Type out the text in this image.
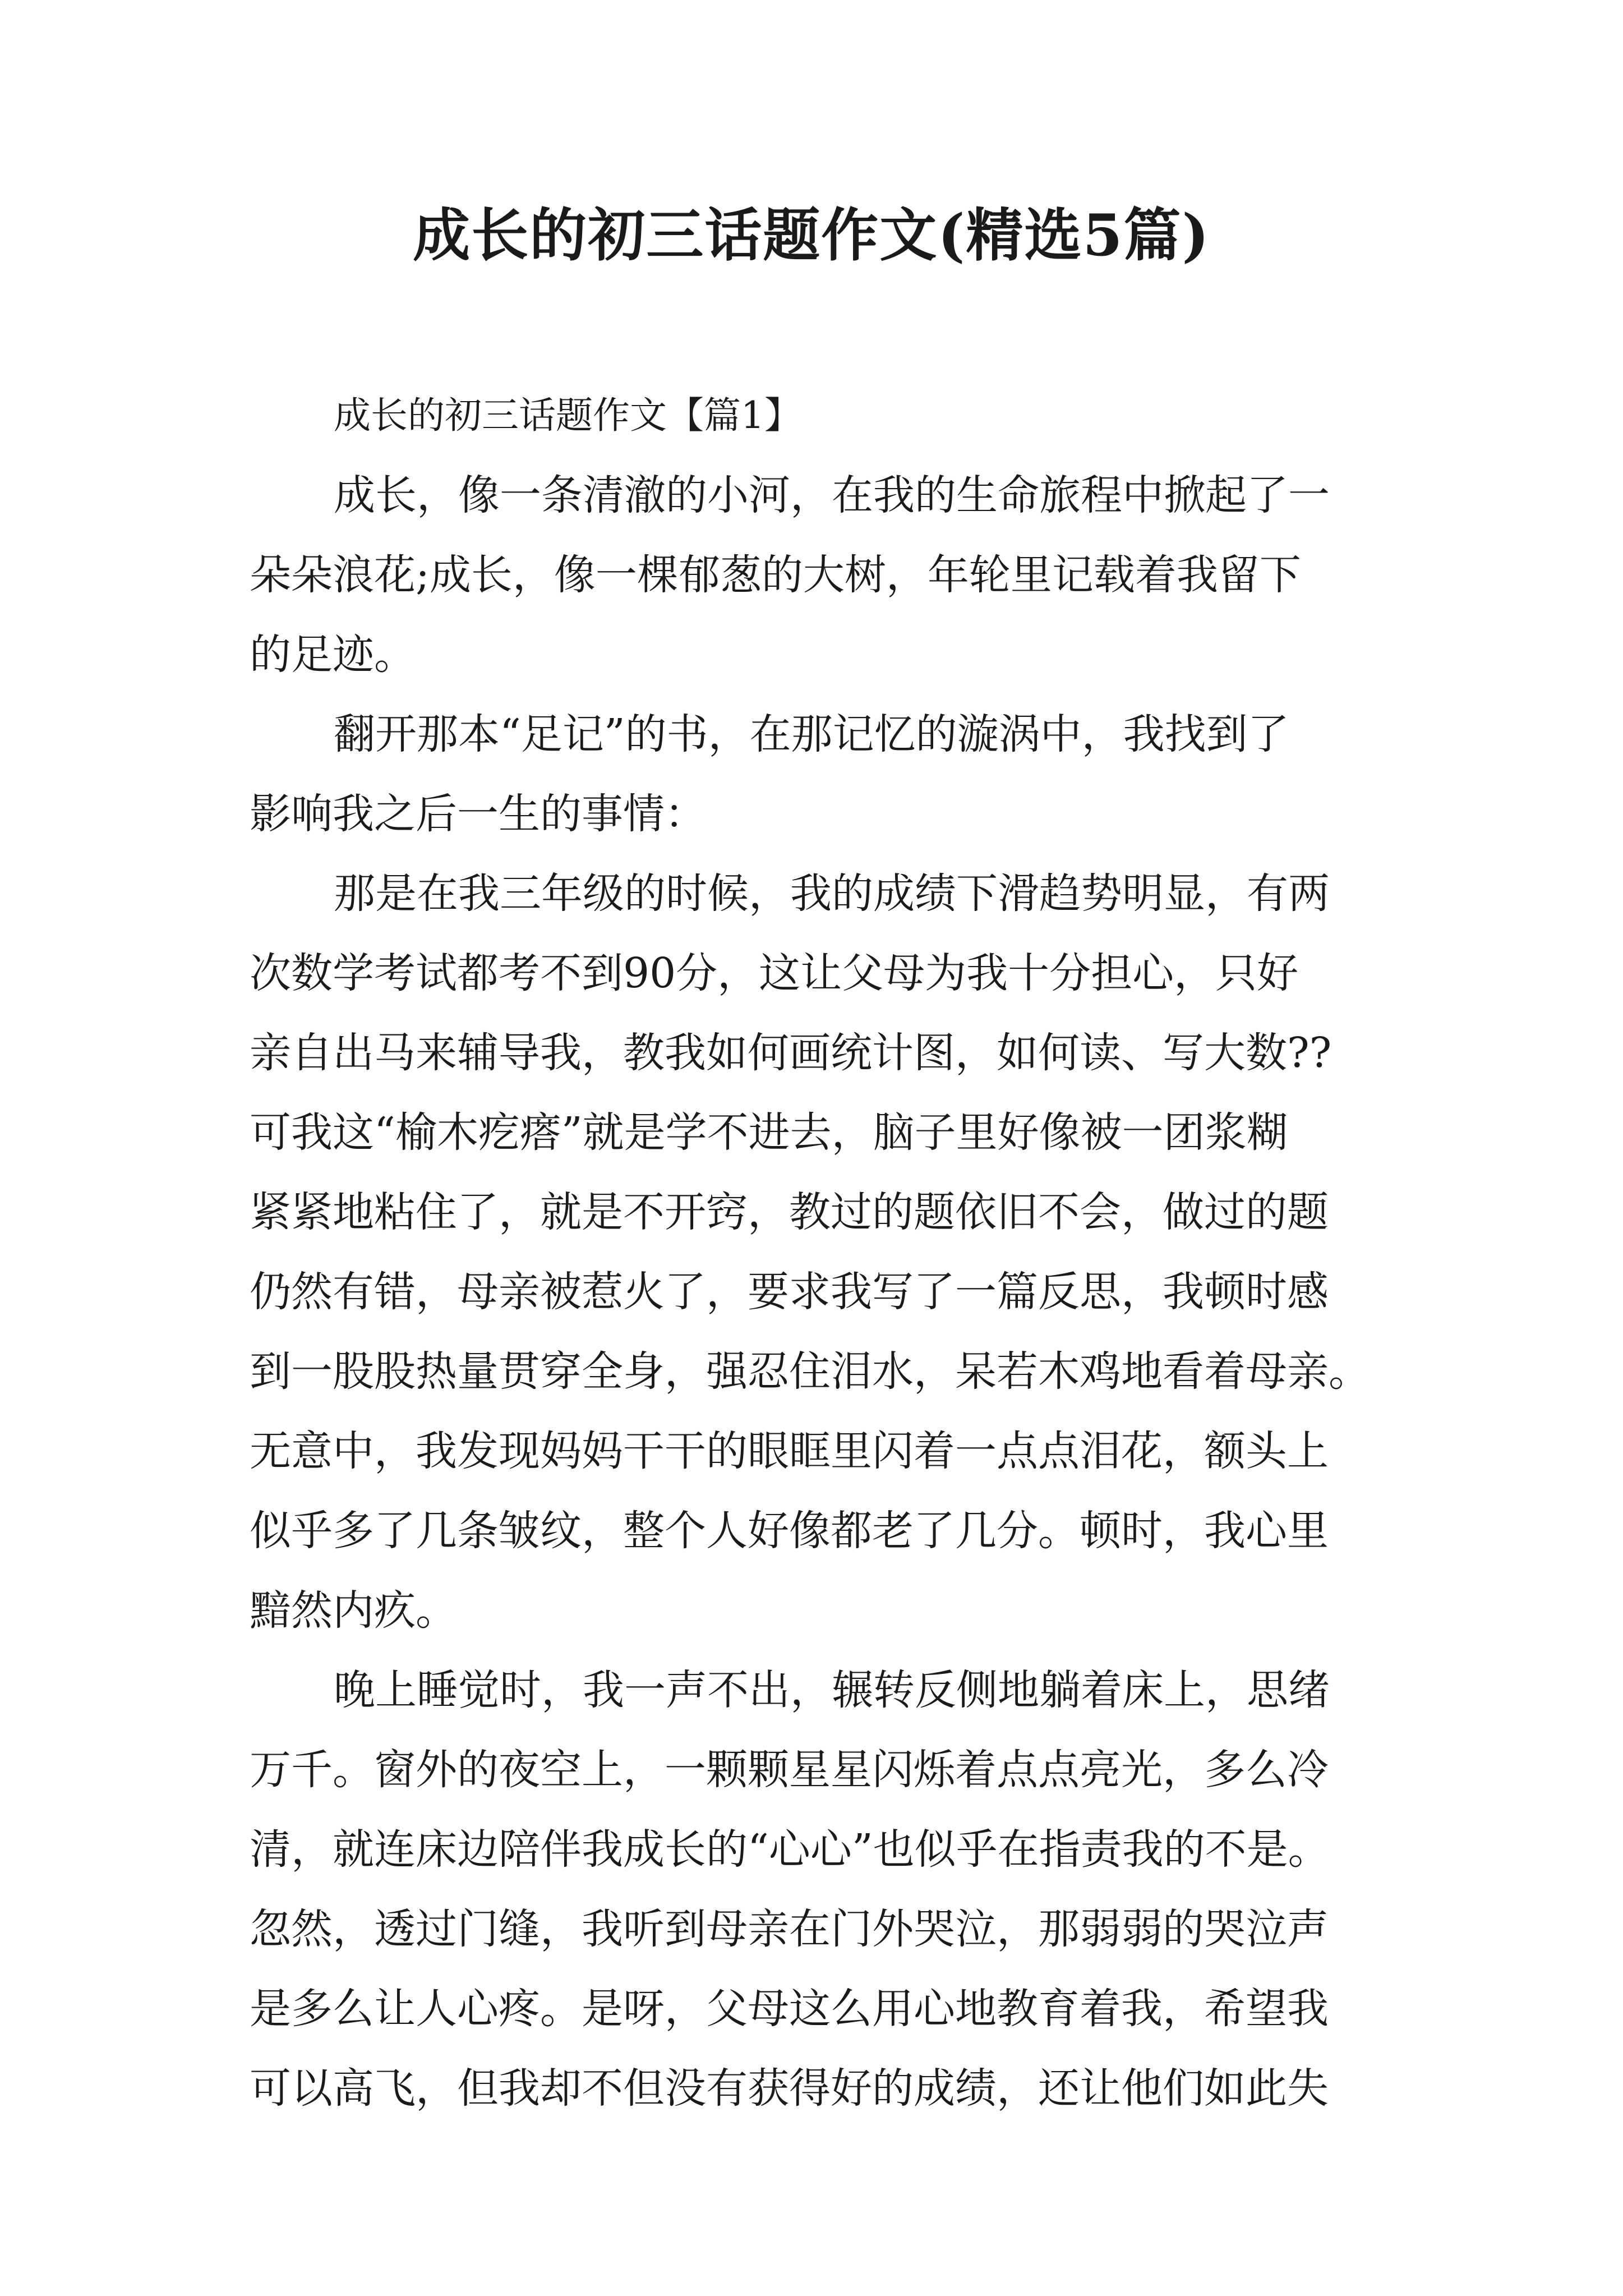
成长的初三话题作文(精选5篇)

成长的初三话题作文【篇1】

成长，像一条清澈的小河，在我的生命旅程中掀起了一
朵朵浪花;成长，像一棵郁葱的大树，年轮里记载着我留下
的足迹。
翻开那本“足记”的书，在那记忆的漩涡中，我找到了
影响我之后一生的事情：
那是在我三年级的时候，我的成绩下滑趋势明显，有两
次数学考试都考不到90分，这让父母为我十分担心，只好
亲自出马来辅导我，教我如何画统计图，如何读、写大数??
可我这“榆木疙瘩”就是学不进去，脑子里好像被一团浆糊
紧紧地粘住了，就是不开窍，教过的题依旧不会，做过的题
仍然有错，母亲被惹火了，要求我写了一篇反思，我顿时感
到一股股热量贯穿全身，强忍住泪水，呆若木鸡地看着母亲。
无意中，我发现妈妈干干的眼眶里闪着一点点泪花，额头上
似乎多了几条皱纹，整个人好像都老了几分。顿时，我心里
黯然内疚。
晚上睡觉时，我一声不出，辗转反侧地躺着床上，思绪
万千。窗外的夜空上，一颗颗星星闪烁着点点亮光，多么冷
清，就连床边陪伴我成长的“心心”也似乎在指责我的不是。
忽然，透过门缝，我听到母亲在门外哭泣，那弱弱的哭泣声
是多么让人心疼。是呀，父母这么用心地教育着我，希望我
可以高飞，但我却不但没有获得好的成绩，还让他们如此失
